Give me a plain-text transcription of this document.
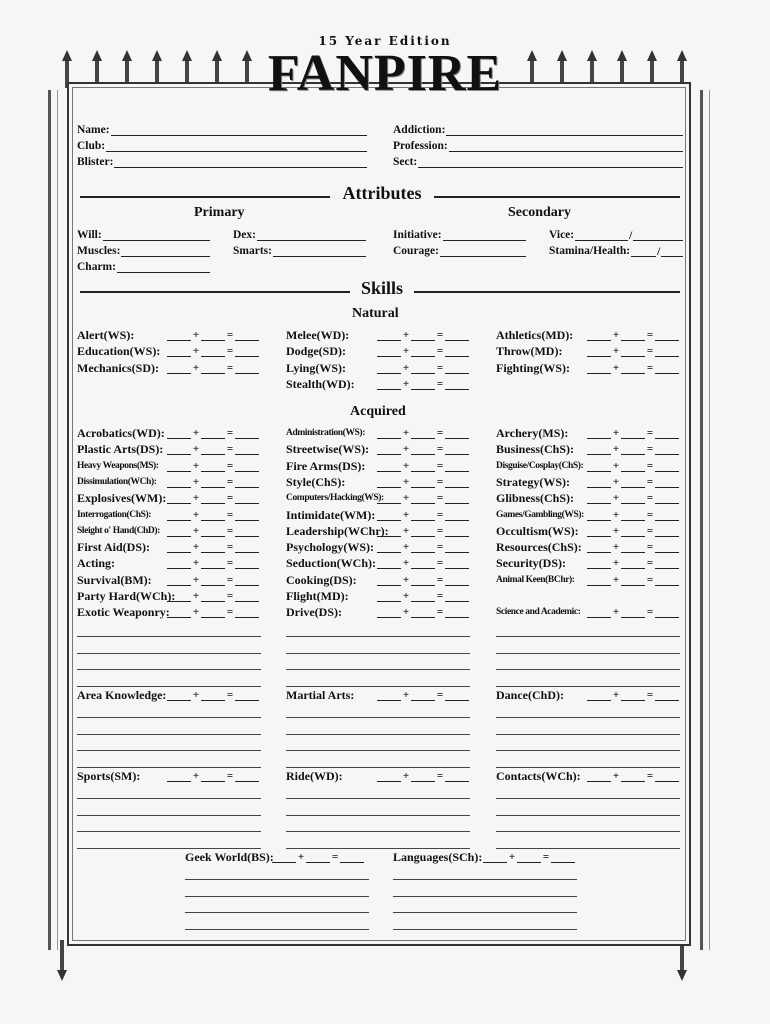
15 Year Edition
FANPIRE
Name:	Addiction:
Club:	Profession:
Blister:	Sect:
Attributes
Primary	Secondary
Will:
Muscles:
Charm:
Dex:
Smarts:
Initiative:
Courage:
Vice:
Stamina/Health:
/
/
Skills
Natural
Acquired
Alert(WS):	+	=
Education(WS):	+	=
Mechanics(SD):	+	=
Melee(WD):	+	=
Dodge(SD):	+	=
Lying(WS):	+	=
Stealth(WD):	+	=
Athletics(MD):	+	=
Throw(MD):	+	=
Fighting(WS):	+	=
Acrobatics(WD):	+	=
Plastic Arts(DS):	+	=
Heavy Weapons(MS):	+	=
Dissimulation(WCh):	+	=
Explosives(WM): +	=
Interrogation(ChS):	+	=
Sleight o' Hand(ChD):	+	=
First Aid(DS):	+	=
Acting:	+	=
Survival(BM):	+	=
Party Hard(WCh): +	=
Exotic Weaponry: +	=
Administration(WS):	+	=
Streetwise(WS):	+	=
Fire Arms(DS):	+	=
Style(ChS):	+	=
Computers/Hacking(WS): +	=
Intimidate(WM):	+	=
Leadership(WChr): +	=
Psychology(WS):	+	=
Seduction(WCh): +	=
Cooking(DS):	+	=
Flight(MD):	+	=
Drive(DS):	+	=
Archery(MS):	+	=
Business(ChS):	+	=
Disguise/Cosplay(ChS):	+	=
Strategy(WS):	+	=
Glibness(ChS):	+	=
Games/Gambling(WS):	+	=
Occultism(WS):	+	=
Resources(ChS):	+	=
Security(DS):	+	=
Animal Keen(BChr):	+	=
Science and Academic:	+	=
Area Knowledge: +	=
Sports(SM):	+	=
Martial Arts:	+	=
Ride(WD):	+	=
Dance(ChD):	+	=
Contacts(WCh):	+	=
Geek World(BS): +	=	Languages(SCh): +	=
